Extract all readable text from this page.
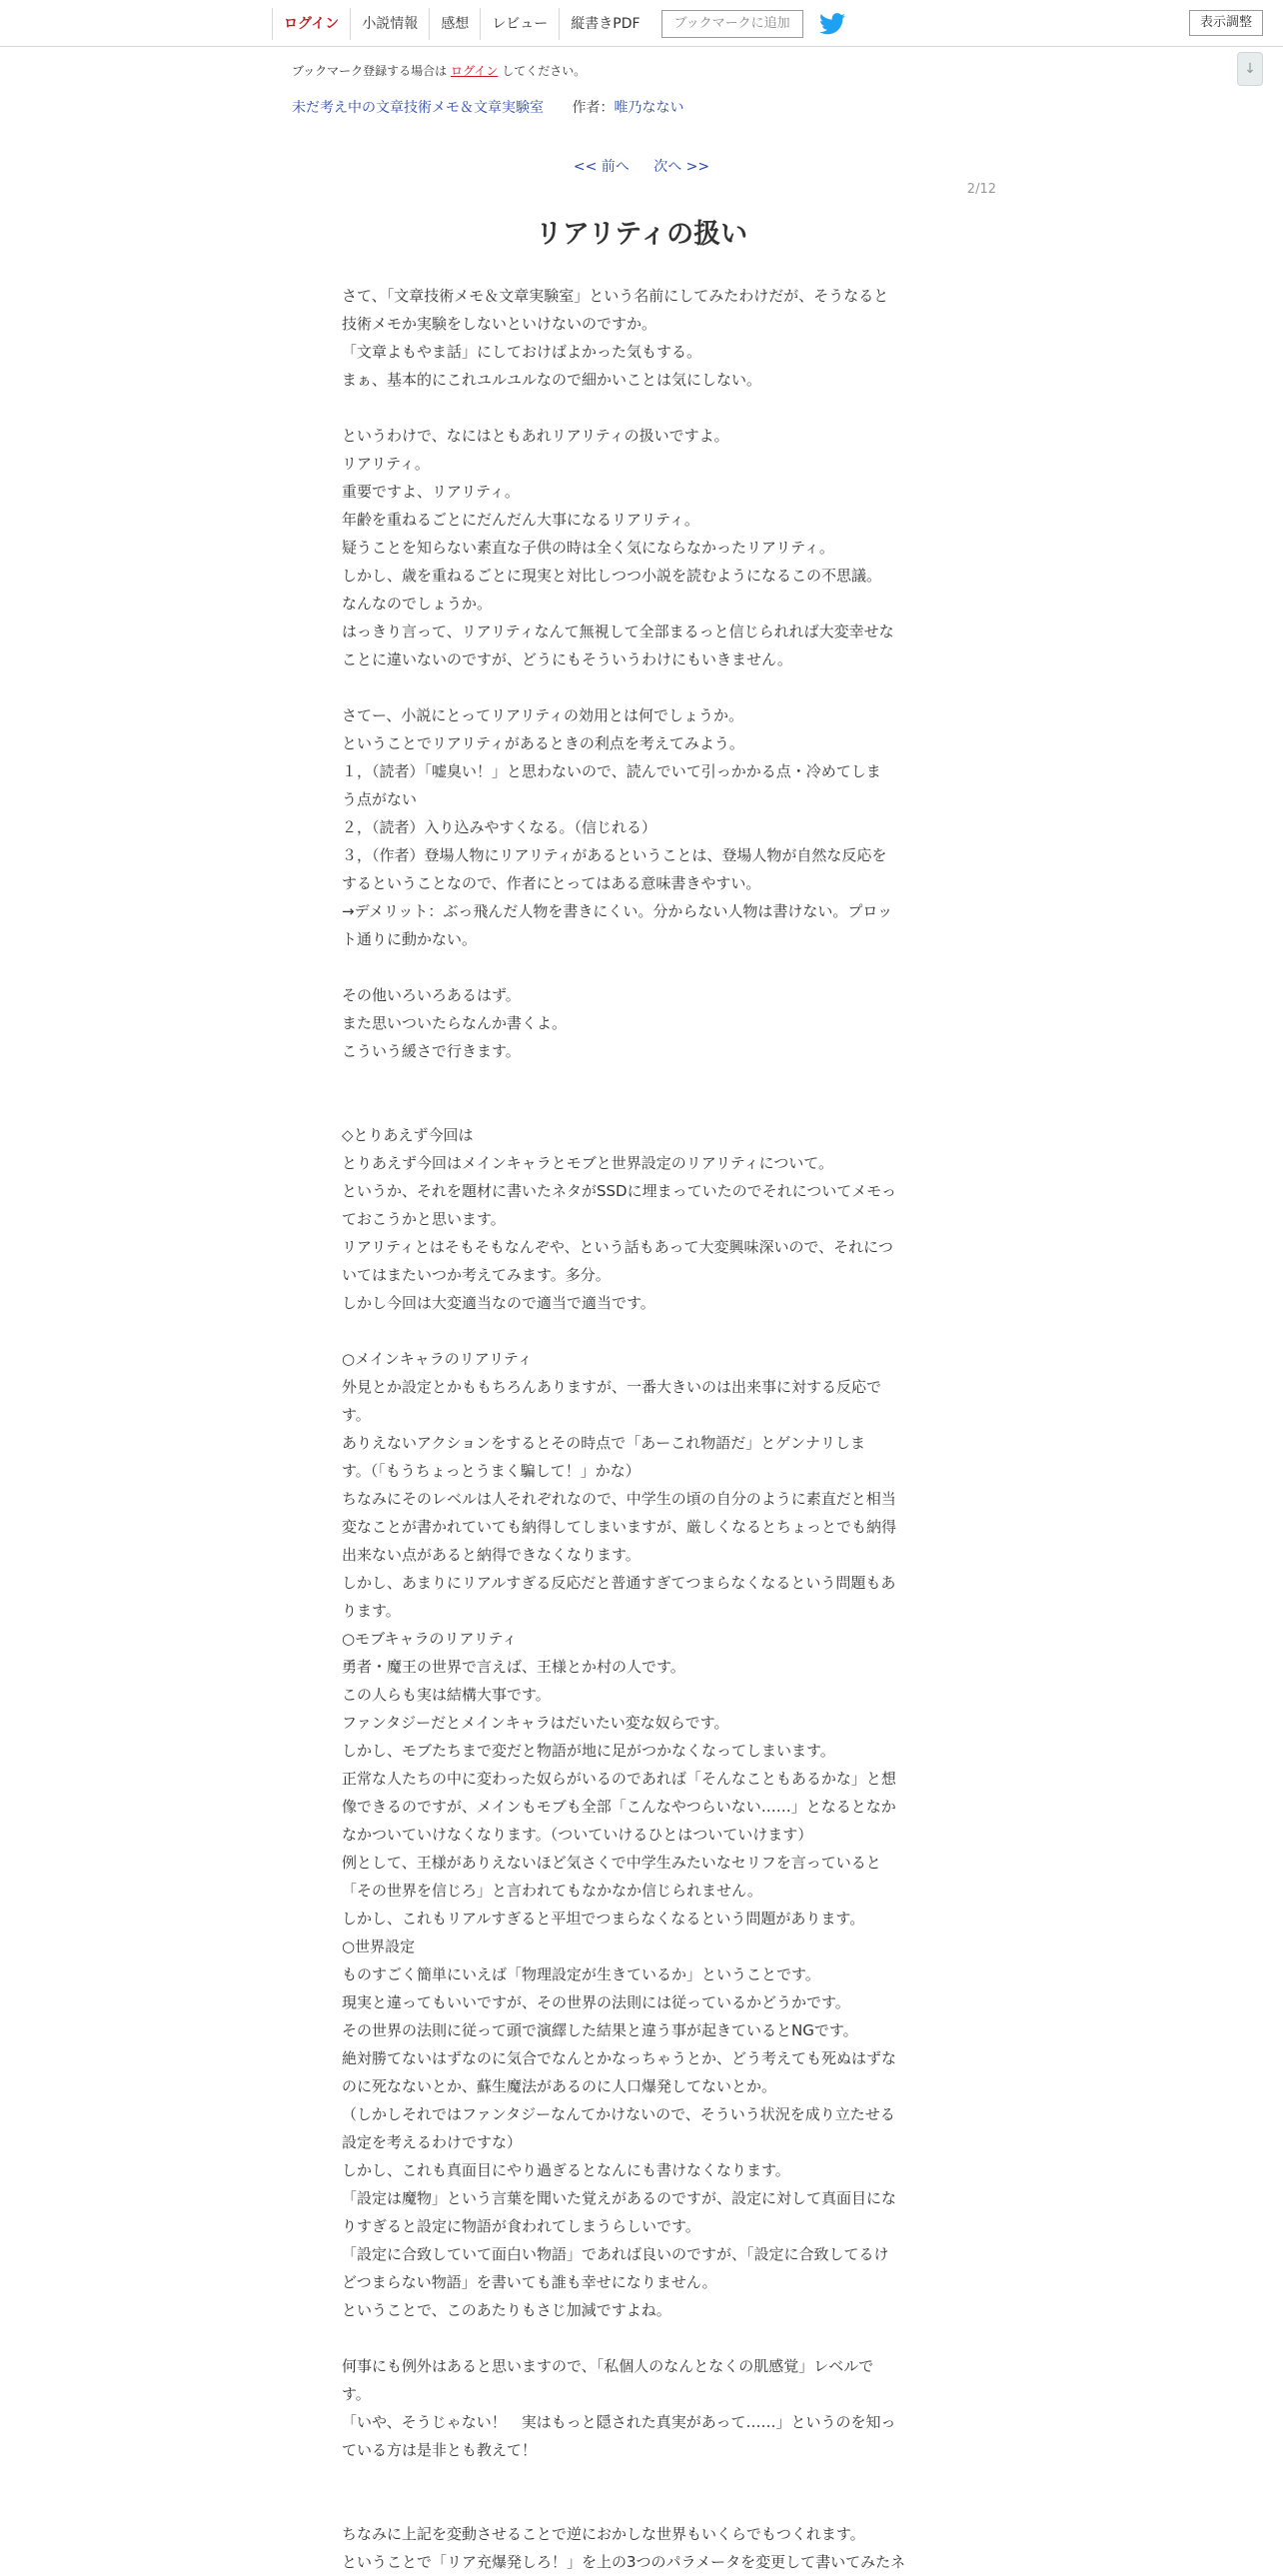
ログイン	小説情報	感想	レビュー	縦書きPDF	ブックマークに追加	表示調整
↓
ブックマーク登録する場合は ログイン してください。
未だ考え中の文章技術メモ＆文章実験室 作者：唯乃なない
<< 前へ 次へ >>
2/12
リアリティの扱い

さて、「文章技術メモ＆文章実験室」という名前にしてみたわけだが、そうなると

技術メモか実験をしないといけないのですか。

「文章よもやま話」にしておけばよかった気もする。

まぁ、基本的にこれユルユルなので細かいことは気にしない。

というわけで、なにはともあれリアリティの扱いですよ。

リアリティ。

重要ですよ、リアリティ。

年齢を重ねるごとにだんだん大事になるリアリティ。

疑うことを知らない素直な子供の時は全く気にならなかったリアリティ。

しかし、歳を重ねるごとに現実と対比しつつ小説を読むようになるこの不思議。

なんなのでしょうか。

はっきり言って、リアリティなんて無視して全部まるっと信じられれば大変幸せな

ことに違いないのですが、どうにもそういうわけにもいきません。

さてー、小説にとってリアリティの効用とは何でしょうか。

ということでリアリティがあるときの利点を考えてみよう。

１，（読者）「嘘臭い！」と思わないので、読んでいて引っかかる点・冷めてしま

う点がない

２，（読者）入り込みやすくなる。（信じれる）

３，（作者）登場人物にリアリティがあるということは、登場人物が自然な反応を

するということなので、作者にとってはある意味書きやすい。

→デメリット：ぶっ飛んだ人物を書きにくい。分からない人物は書けない。プロッ

ト通りに動かない。

その他いろいろあるはず。

また思いついたらなんか書くよ。

こういう緩さで行きます。

◇とりあえず今回は

とりあえず今回はメインキャラとモブと世界設定のリアリティについて。

というか、それを題材に書いたネタがSSDに埋まっていたのでそれについてメモっ

ておこうかと思います。

リアリティとはそもそもなんぞや、という話もあって大変興味深いので、それにつ

いてはまたいつか考えてみます。多分。

しかし今回は大変適当なので適当で適当です。

○メインキャラのリアリティ

外見とか設定とかももちろんありますが、一番大きいのは出来事に対する反応で

す。

ありえないアクションをするとその時点で「あーこれ物語だ」とゲンナリしま

す。（「もうちょっとうまく騙して！」かな）

ちなみにそのレベルは人それぞれなので、中学生の頃の自分のように素直だと相当

変なことが書かれていても納得してしまいますが、厳しくなるとちょっとでも納得

出来ない点があると納得できなくなります。

しかし、あまりにリアルすぎる反応だと普通すぎてつまらなくなるという問題もあ

ります。

○モブキャラのリアリティ

勇者・魔王の世界で言えば、王様とか村の人です。

この人らも実は結構大事です。

ファンタジーだとメインキャラはだいたい変な奴らです。

しかし、モブたちまで変だと物語が地に足がつかなくなってしまいます。

正常な人たちの中に変わった奴らがいるのであれば「そんなこともあるかな」と想

像できるのですが、メインもモブも全部「こんなやつらいない……」となるとなか

なかついていけなくなります。（ついていけるひとはついていけます）

例として、王様がありえないほど気さくで中学生みたいなセリフを言っていると

「その世界を信じろ」と言われてもなかなか信じられません。

しかし、これもリアルすぎると平坦でつまらなくなるという問題があります。

○世界設定

ものすごく簡単にいえば「物理設定が生きているか」ということです。

現実と違ってもいいですが、その世界の法則には従っているかどうかです。

その世界の法則に従って頭で演繹した結果と違う事が起きているとNGです。

絶対勝てないはずなのに気合でなんとかなっちゃうとか、どう考えても死ぬはずな

のに死なないとか、蘇生魔法があるのに人口爆発してないとか。

（しかしそれではファンタジーなんてかけないので、そういう状況を成り立たせる

設定を考えるわけですな）

しかし、これも真面目にやり過ぎるとなんにも書けなくなります。

「設定は魔物」という言葉を聞いた覚えがあるのですが、設定に対して真面目にな

りすぎると設定に物語が食われてしまうらしいです。

「設定に合致していて面白い物語」であれば良いのですが、「設定に合致してるけ

どつまらない物語」を書いても誰も幸せになりません。

ということで、このあたりもさじ加減ですよね。

何事にも例外はあると思いますので、「私個人のなんとなくの肌感覚」レベルで

す。

「いや、そうじゃない！　実はもっと隠された真実があって……」というのを知っ

ている方は是非とも教えて！

ちなみに上記を変動させることで逆におかしな世界もいくらでもつくれます。

ということで「リア充爆発しろ！」を上の3つのパラメータを変更して書いてみたネ
